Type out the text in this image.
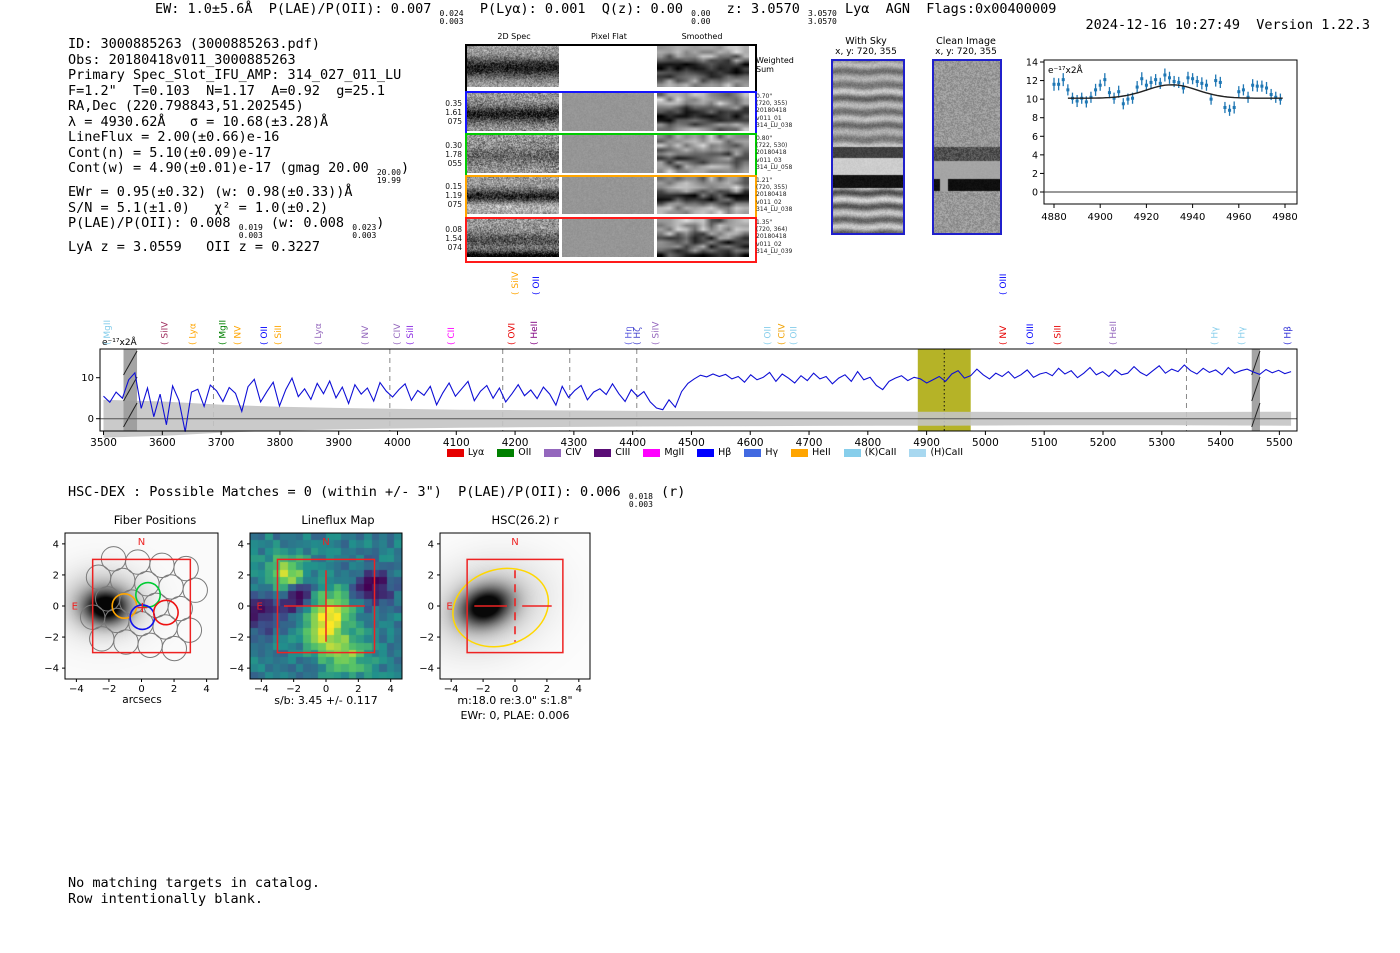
EW: 1.0±5.6Å  P(LAE)/P(OII): 0.007 0.024
0.003
P(Lyα): 0.001  Q(z): 0.00 0.00
0.00
z: 3.0570 3.0570
3.0570
Lyα  AGN  Flags:0x00400009

2024-12-16 10:27:49 Version 1.22.3

ID: 3000885263 (3000885263.pdf)
Obs: 20180418v011_3000885263
Primary Spec_Slot_IFU_AMP: 314_027_011_LU
F=1.2"  T=0.103  N=1.17  A=0.92  g=25.1
RA,Dec (220.798843,51.202545)
λ = 4930.62Å   σ = 10.68(±3.28)Å
LineFlux = 2.00(±0.66)e-16
Cont(n) = 5.10(±0.09)e-17
Cont(w) = 4.90(±0.01)e-17 (gmag 20.00 20.00
19.99
)
EWr = 0.95(±0.32) (w: 0.98(±0.33))Å
S/N = 5.1(±1.0)   χ² = 1.0(±0.2)
P(LAE)/P(OII): 0.008 0.019
0.003
(w: 0.008 0.023
0.003
)
LyA z = 3.0559   OII z = 0.3227
2D Spec	Pixel Flat	Smoothed
0.35
1.61
075
0.30
1.78
055
0.15
1.19
075
0.08
1.54
074
Weighted
Sum
0.70"
(720, 355)
20180418
v011_01
314_LU_038
0.80"
(722, 530)
20180418
v011_03
314_LU_058
1.21"
(720, 355)
20180418
v011_02
314_LU_038
1.35"
(720, 364)
20180418
v011_02
314_LU_039
With Sky
x, y: 720, 355
Clean Image
x, y: 720, 355
0
2
4
6
8
10
12
14
4880 4900 4920 4940 4960 4980
e⁻¹⁷x2Å
0
10
3500	3600	3700	3800	3900	4000	4100	4200	4300	4400	4500	4600	4700	4800	4900	5000	5100	5200	5300	5400	5500
e⁻¹⁷x2Å
( MgII	( SiIV ( Lyα ( MgII ( NV ( OII ( SiII	( Lyα	( NV ( CIV ( SiII	( CII	( OVI
( SiIV ( OII
( HeII	( Hη
( Hζ ( SiIV	( OII ( CIV ( OII
( OIII
( NV ( OIII ( SiII	( HeII	( Hγ ( Hγ	( Hβ
Lyα	OII	CIV	CIII	MgII	Hβ	Hγ	HeII	(K)CaII	(H)CaII
HSC-DEX : Possible Matches = 0 (within +/- 3")  P(LAE)/P(OII): 0.006 0.018
0.003
(r)
Fiber Positions
arcsecs
−4
−4
−2
−2
0
0
2
2
4
4	N
E
Lineflux Map
s/b: 3.45 +/- 0.117
−4
−4
−2
−2
0
0
2
2
4
4	N
E
HSC(26.2) r
m:18.0 re:3.0" s:1.8"
EWr: 0, PLAE: 0.006
−4
−4
−2
−2
0
0
2
2
4
4	N
E
No matching targets in catalog.
Row intentionally blank.
